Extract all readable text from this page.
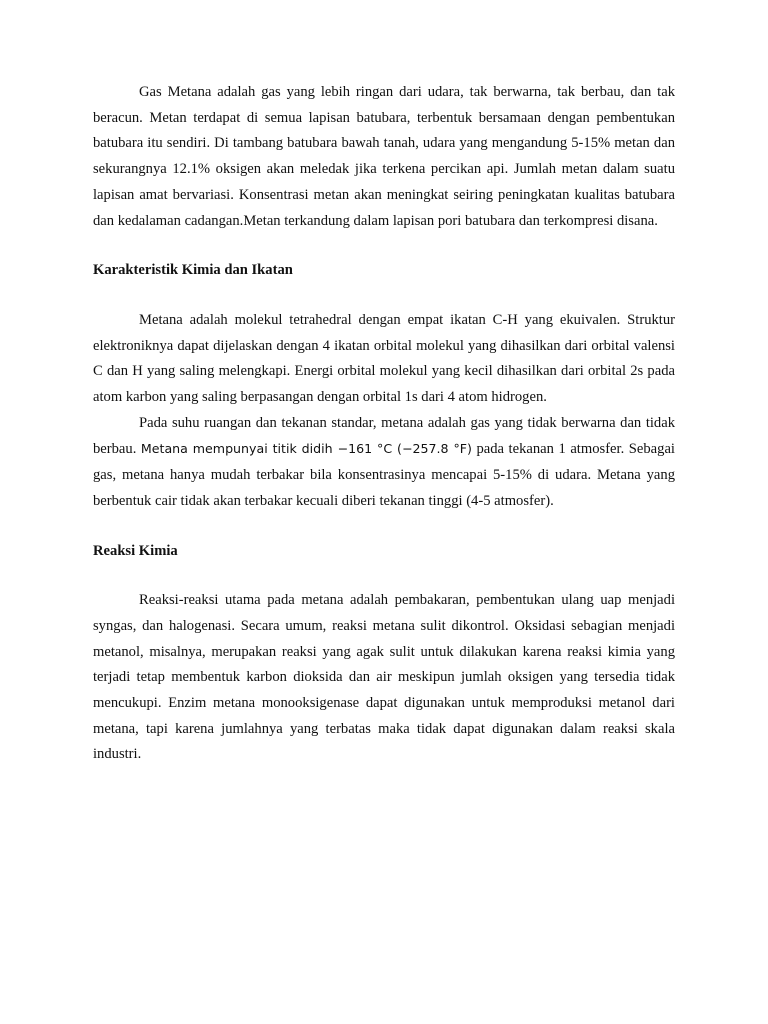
Gas Metana adalah gas yang lebih ringan dari udara, tak berwarna, tak berbau, dan tak beracun. Metan terdapat di semua lapisan batubara, terbentuk bersamaan dengan pembentukan batubara itu sendiri. Di tambang batubara bawah tanah, udara yang mengandung 5-15% metan dan sekurangnya 12.1% oksigen akan meledak jika terkena percikan api. Jumlah metan dalam suatu lapisan amat bervariasi. Konsentrasi metan akan meningkat seiring peningkatan kualitas batubara dan kedalaman cadangan.Metan terkandung dalam lapisan pori batubara dan terkompresi disana.

Karakteristik Kimia dan Ikatan

Metana adalah molekul tetrahedral dengan empat ikatan C-H yang ekuivalen. Struktur elektroniknya dapat dijelaskan dengan 4 ikatan orbital molekul yang dihasilkan dari orbital valensi C dan H yang saling melengkapi. Energi orbital molekul yang kecil dihasilkan dari orbital 2s pada atom karbon yang saling berpasangan dengan orbital 1s dari 4 atom hidrogen.

Pada suhu ruangan dan tekanan standar, metana adalah gas yang tidak berwarna dan tidak berbau. Metana mempunyai titik didih −161 °C (−257.8 °F) pada tekanan 1 atmosfer. Sebagai gas, metana hanya mudah terbakar bila konsentrasinya mencapai 5-15% di udara. Metana yang berbentuk cair tidak akan terbakar kecuali diberi tekanan tinggi (4-5 atmosfer).

Reaksi Kimia

Reaksi-reaksi utama pada metana adalah pembakaran, pembentukan ulang uap menjadi syngas, dan halogenasi. Secara umum, reaksi metana sulit dikontrol. Oksidasi sebagian menjadi metanol, misalnya, merupakan reaksi yang agak sulit untuk dilakukan karena reaksi kimia yang terjadi tetap membentuk karbon dioksida dan air meskipun jumlah oksigen yang tersedia tidak mencukupi. Enzim metana monooksigenase dapat digunakan untuk memproduksi metanol dari metana, tapi karena jumlahnya yang terbatas maka tidak dapat digunakan dalam reaksi skala industri.
